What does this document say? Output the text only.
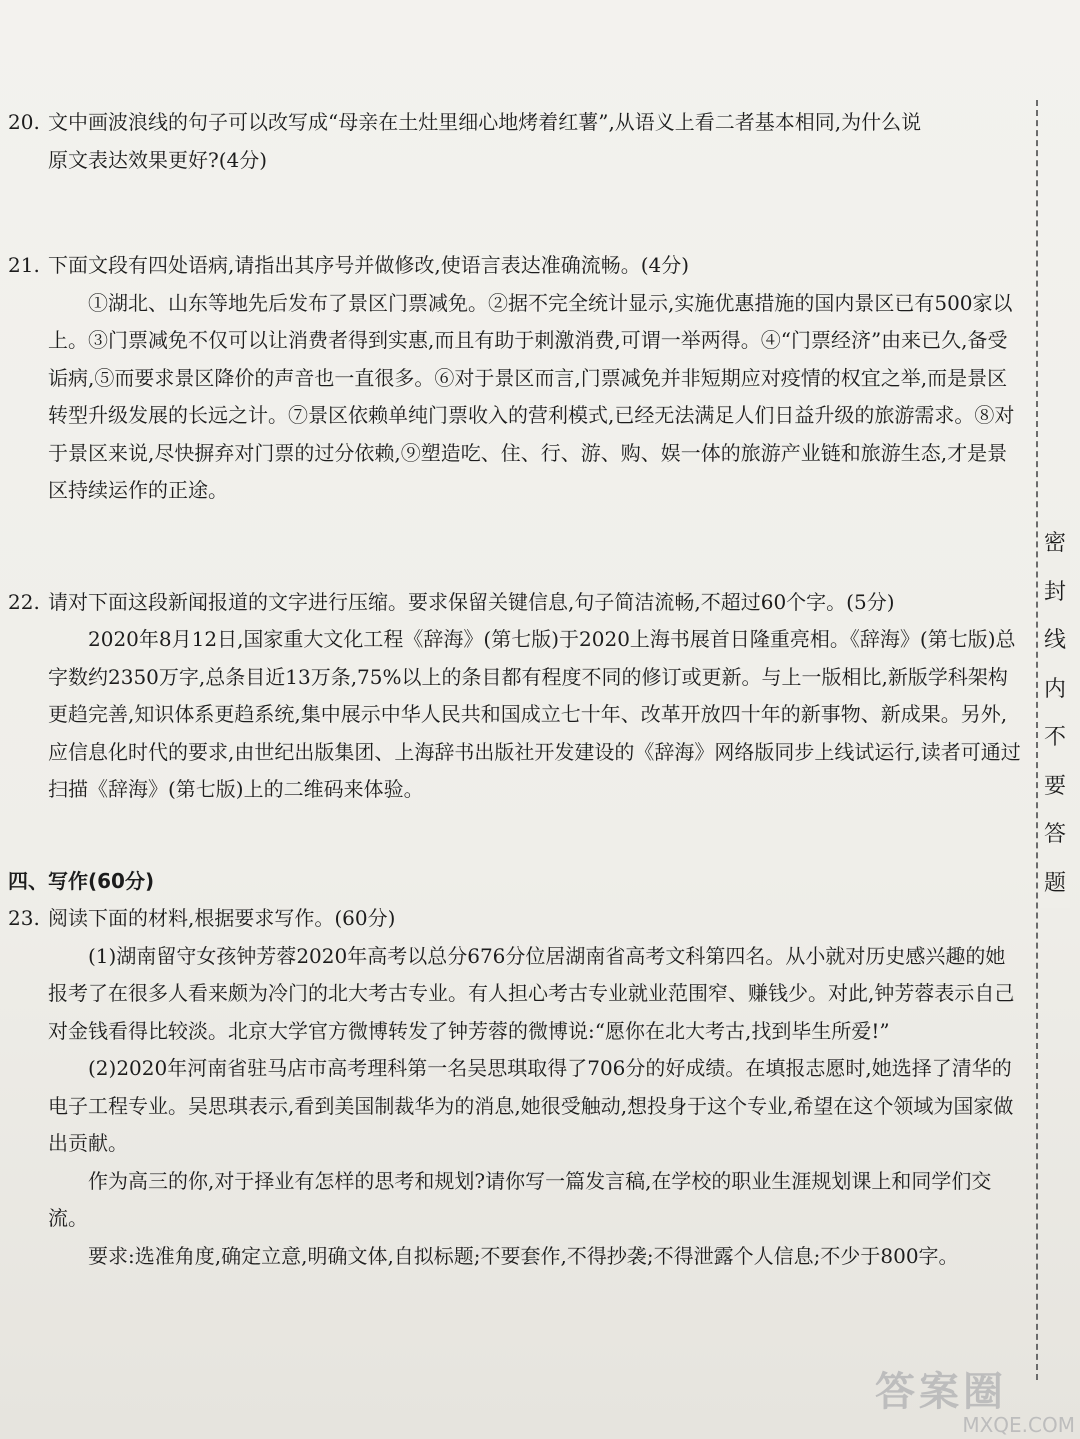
密
封
线
内
不
要
答
题

20. 文中画波浪线的句子可以改写成“母亲在土灶里细心地烤着红薯”,从语义上看二者基本相同,为什么说

原文表达效果更好?(4分)

21. 下面文段有四处语病,请指出其序号并做修改,使语言表达准确流畅。(4分)

①湖北、山东等地先后发布了景区门票减免。②据不完全统计显示,实施优惠措施的国内景区已有500家以上。③门票减免不仅可以让消费者得到实惠,而且有助于刺激消费,可谓一举两得。④“门票经济”由来已久,备受诟病,⑤而要求景区降价的声音也一直很多。⑥对于景区而言,门票减免并非短期应对疫情的权宜之举,而是景区转型升级发展的长远之计。⑦景区依赖单纯门票收入的营利模式,已经无法满足人们日益升级的旅游需求。⑧对于景区来说,尽快摒弃对门票的过分依赖,⑨塑造吃、住、行、游、购、娱一体的旅游产业链和旅游生态,才是景区持续运作的正途。

22. 请对下面这段新闻报道的文字进行压缩。要求保留关键信息,句子简洁流畅,不超过60个字。(5分)

2020年8月12日,国家重大文化工程《辞海》(第七版)于2020上海书展首日隆重亮相。《辞海》(第七版)总字数约2350万字,总条目近13万条,75%以上的条目都有程度不同的修订或更新。与上一版相比,新版学科架构更趋完善,知识体系更趋系统,集中展示中华人民共和国成立七十年、改革开放四十年的新事物、新成果。另外,应信息化时代的要求,由世纪出版集团、上海辞书出版社开发建设的《辞海》网络版同步上线试运行,读者可通过扫描《辞海》(第七版)上的二维码来体验。

四、写作(60分)

23. 阅读下面的材料,根据要求写作。(60分)

(1)湖南留守女孩钟芳蓉2020年高考以总分676分位居湖南省高考文科第四名。从小就对历史感兴趣的她报考了在很多人看来颇为冷门的北大考古专业。有人担心考古专业就业范围窄、赚钱少。对此,钟芳蓉表示自己对金钱看得比较淡。北京大学官方微博转发了钟芳蓉的微博说:“愿你在北大考古,找到毕生所爱!”

(2)2020年河南省驻马店市高考理科第一名吴思琪取得了706分的好成绩。在填报志愿时,她选择了清华的电子工程专业。吴思琪表示,看到美国制裁华为的消息,她很受触动,想投身于这个专业,希望在这个领域为国家做出贡献。

作为高三的你,对于择业有怎样的思考和规划?请你写一篇发言稿,在学校的职业生涯规划课上和同学们交流。

要求:选准角度,确定立意,明确文体,自拟标题;不要套作,不得抄袭;不得泄露个人信息;不少于800字。

答案圈
MXQE.COM
